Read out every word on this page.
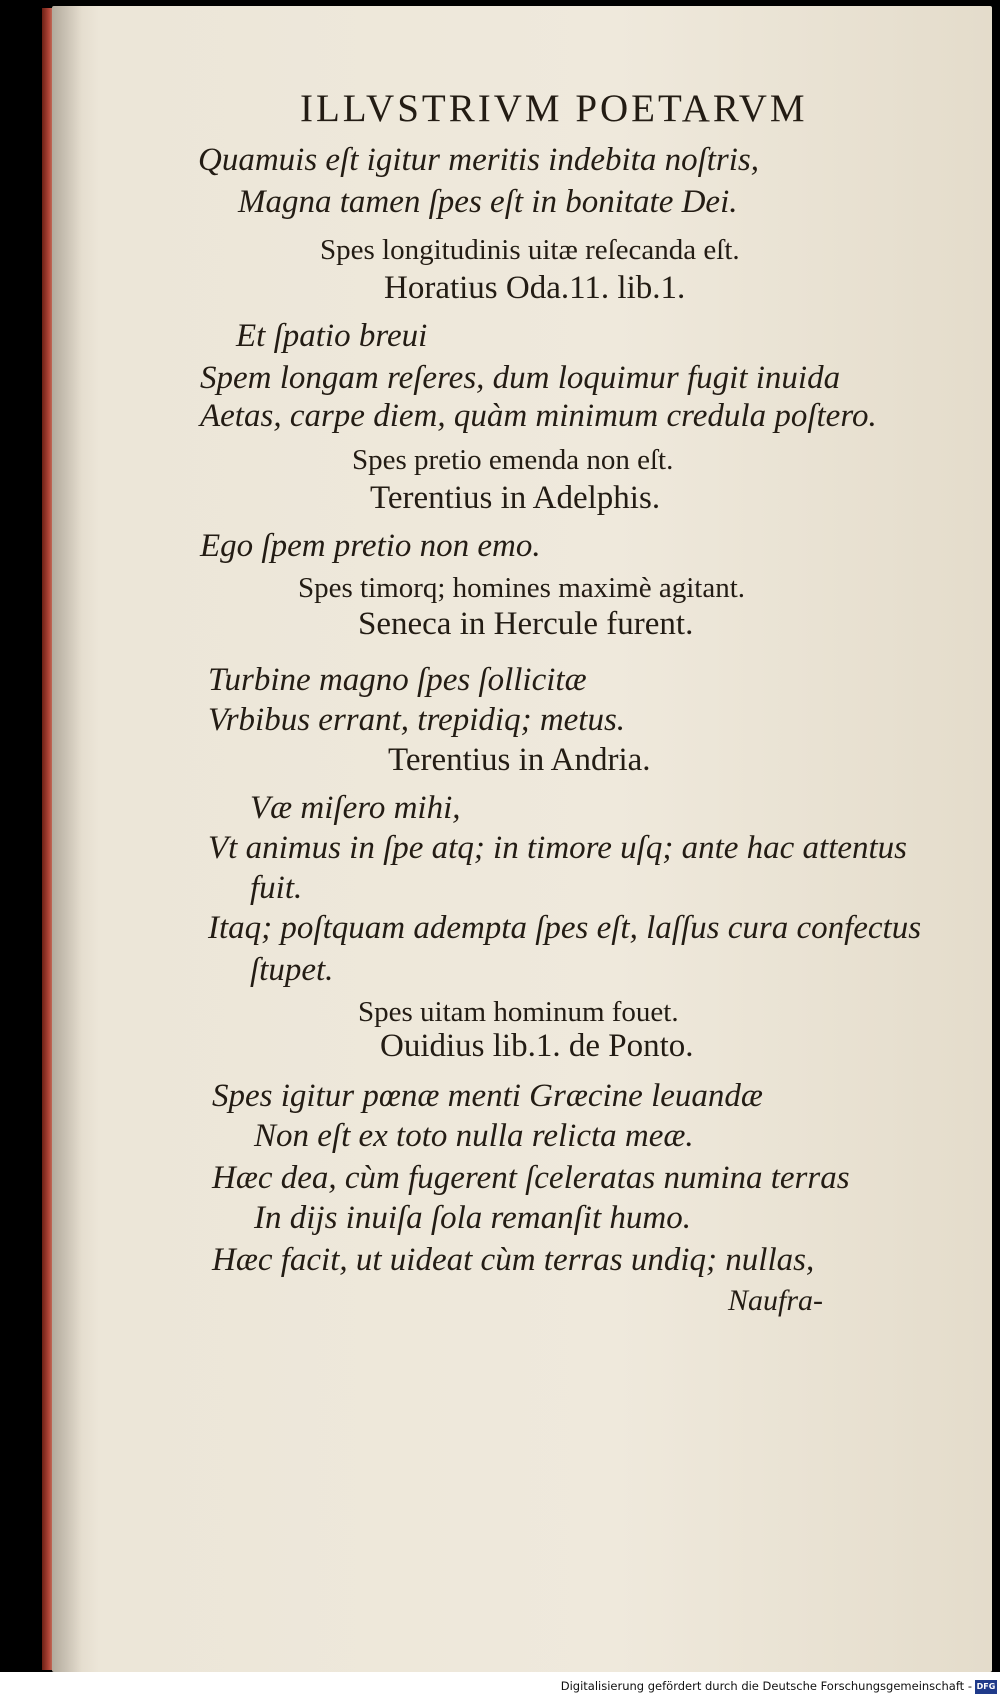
ILLVSTRIVM POETARVM
Quamuis eſt igitur meritis indebita noſtris,
Magna tamen ſpes eſt in bonitate Dei.
Spes longitudinis uitæ reſecanda eſt.
Horatius Oda.11. lib.1.
Et ſpatio breui
Spem longam reſeres, dum loquimur fugit inuida
Aetas, carpe diem, quàm minimum credula poſtero.
Spes pretio emenda non eſt.
Terentius in Adelphis.
Ego ſpem pretio non emo.
Spes timorq; homines maximè agitant.
Seneca in Hercule furent.
Turbine magno ſpes ſollicitæ
Vrbibus errant, trepidiq; metus.
Terentius in Andria.
Væ miſero mihi,
Vt animus in ſpe atq; in timore uſq; ante hac attentus
fuit.
Itaq; poſtquam adempta ſpes eſt, laſſus cura confectus
ſtupet.
Spes uitam hominum fouet.
Ouidius lib.1. de Ponto.
Spes igitur pœnæ menti Græcine leuandæ
Non eſt ex toto nulla relicta meæ.
Hæc dea, cùm fugerent ſceleratas numina terras
In dijs inuiſa ſola remanſit humo.
Hæc facit, ut uideat cùm terras undiq; nullas,
Naufra-
Digitalisierung gefördert durch die Deutsche Forschungsgemeinschaft - DFG
